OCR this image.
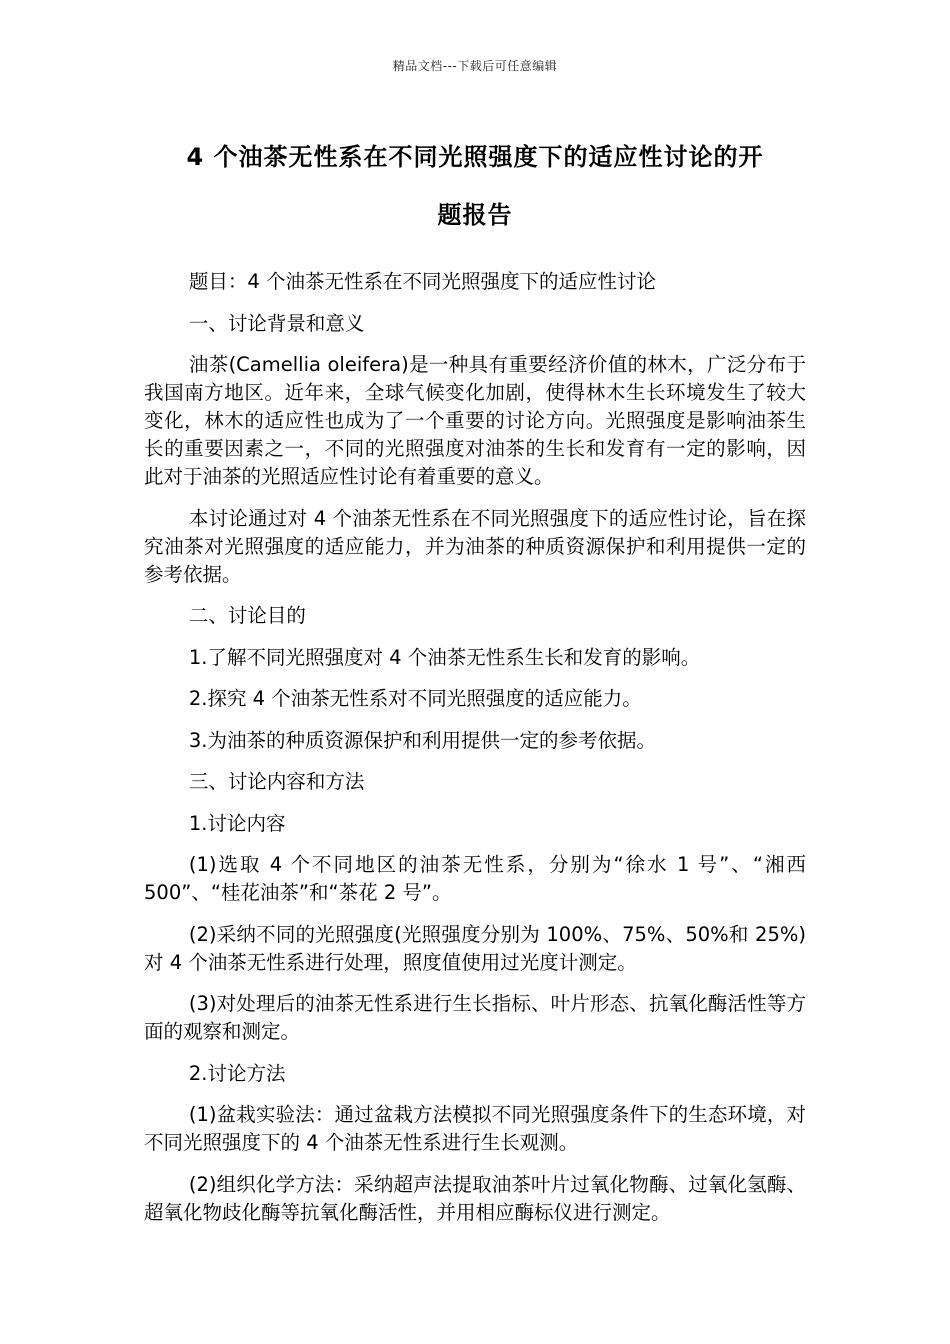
精品文档---下载后可任意编辑
4 个油茶无性系在不同光照强度下的适应性讨论的开
题报告

题目：4 个油茶无性系在不同光照强度下的适应性讨论

一、讨论背景和意义

油茶(Camellia oleifera)是一种具有重要经济价值的林木，广泛分布于我国南方地区。近年来，全球气候变化加剧，使得林木生长环境发生了较大变化，林木的适应性也成为了一个重要的讨论方向。光照强度是影响油茶生长的重要因素之一，不同的光照强度对油茶的生长和发育有一定的影响，因此对于油茶的光照适应性讨论有着重要的意义。

本讨论通过对 4 个油茶无性系在不同光照强度下的适应性讨论，旨在探究油茶对光照强度的适应能力，并为油茶的种质资源保护和利用提供一定的参考依据。

二、讨论目的

1.了解不同光照强度对 4 个油茶无性系生长和发育的影响。

2.探究 4 个油茶无性系对不同光照强度的适应能力。

3.为油茶的种质资源保护和利用提供一定的参考依据。

三、讨论内容和方法

1.讨论内容

(1)选取 4 个不同地区的油茶无性系，分别为“徐水 1 号”、“湘西 500”、“桂花油茶”和“茶花 2 号”。

(2)采纳不同的光照强度(光照强度分别为 100%、75%、50%和 25%)对 4 个油茶无性系进行处理，照度值使用过光度计测定。

(3)对处理后的油茶无性系进行生长指标、叶片形态、抗氧化酶活性等方面的观察和测定。

2.讨论方法

(1)盆栽实验法：通过盆栽方法模拟不同光照强度条件下的生态环境，对不同光照强度下的 4 个油茶无性系进行生长观测。

(2)组织化学方法：采纳超声法提取油茶叶片过氧化物酶、过氧化氢酶、超氧化物歧化酶等抗氧化酶活性，并用相应酶标仪进行测定。
